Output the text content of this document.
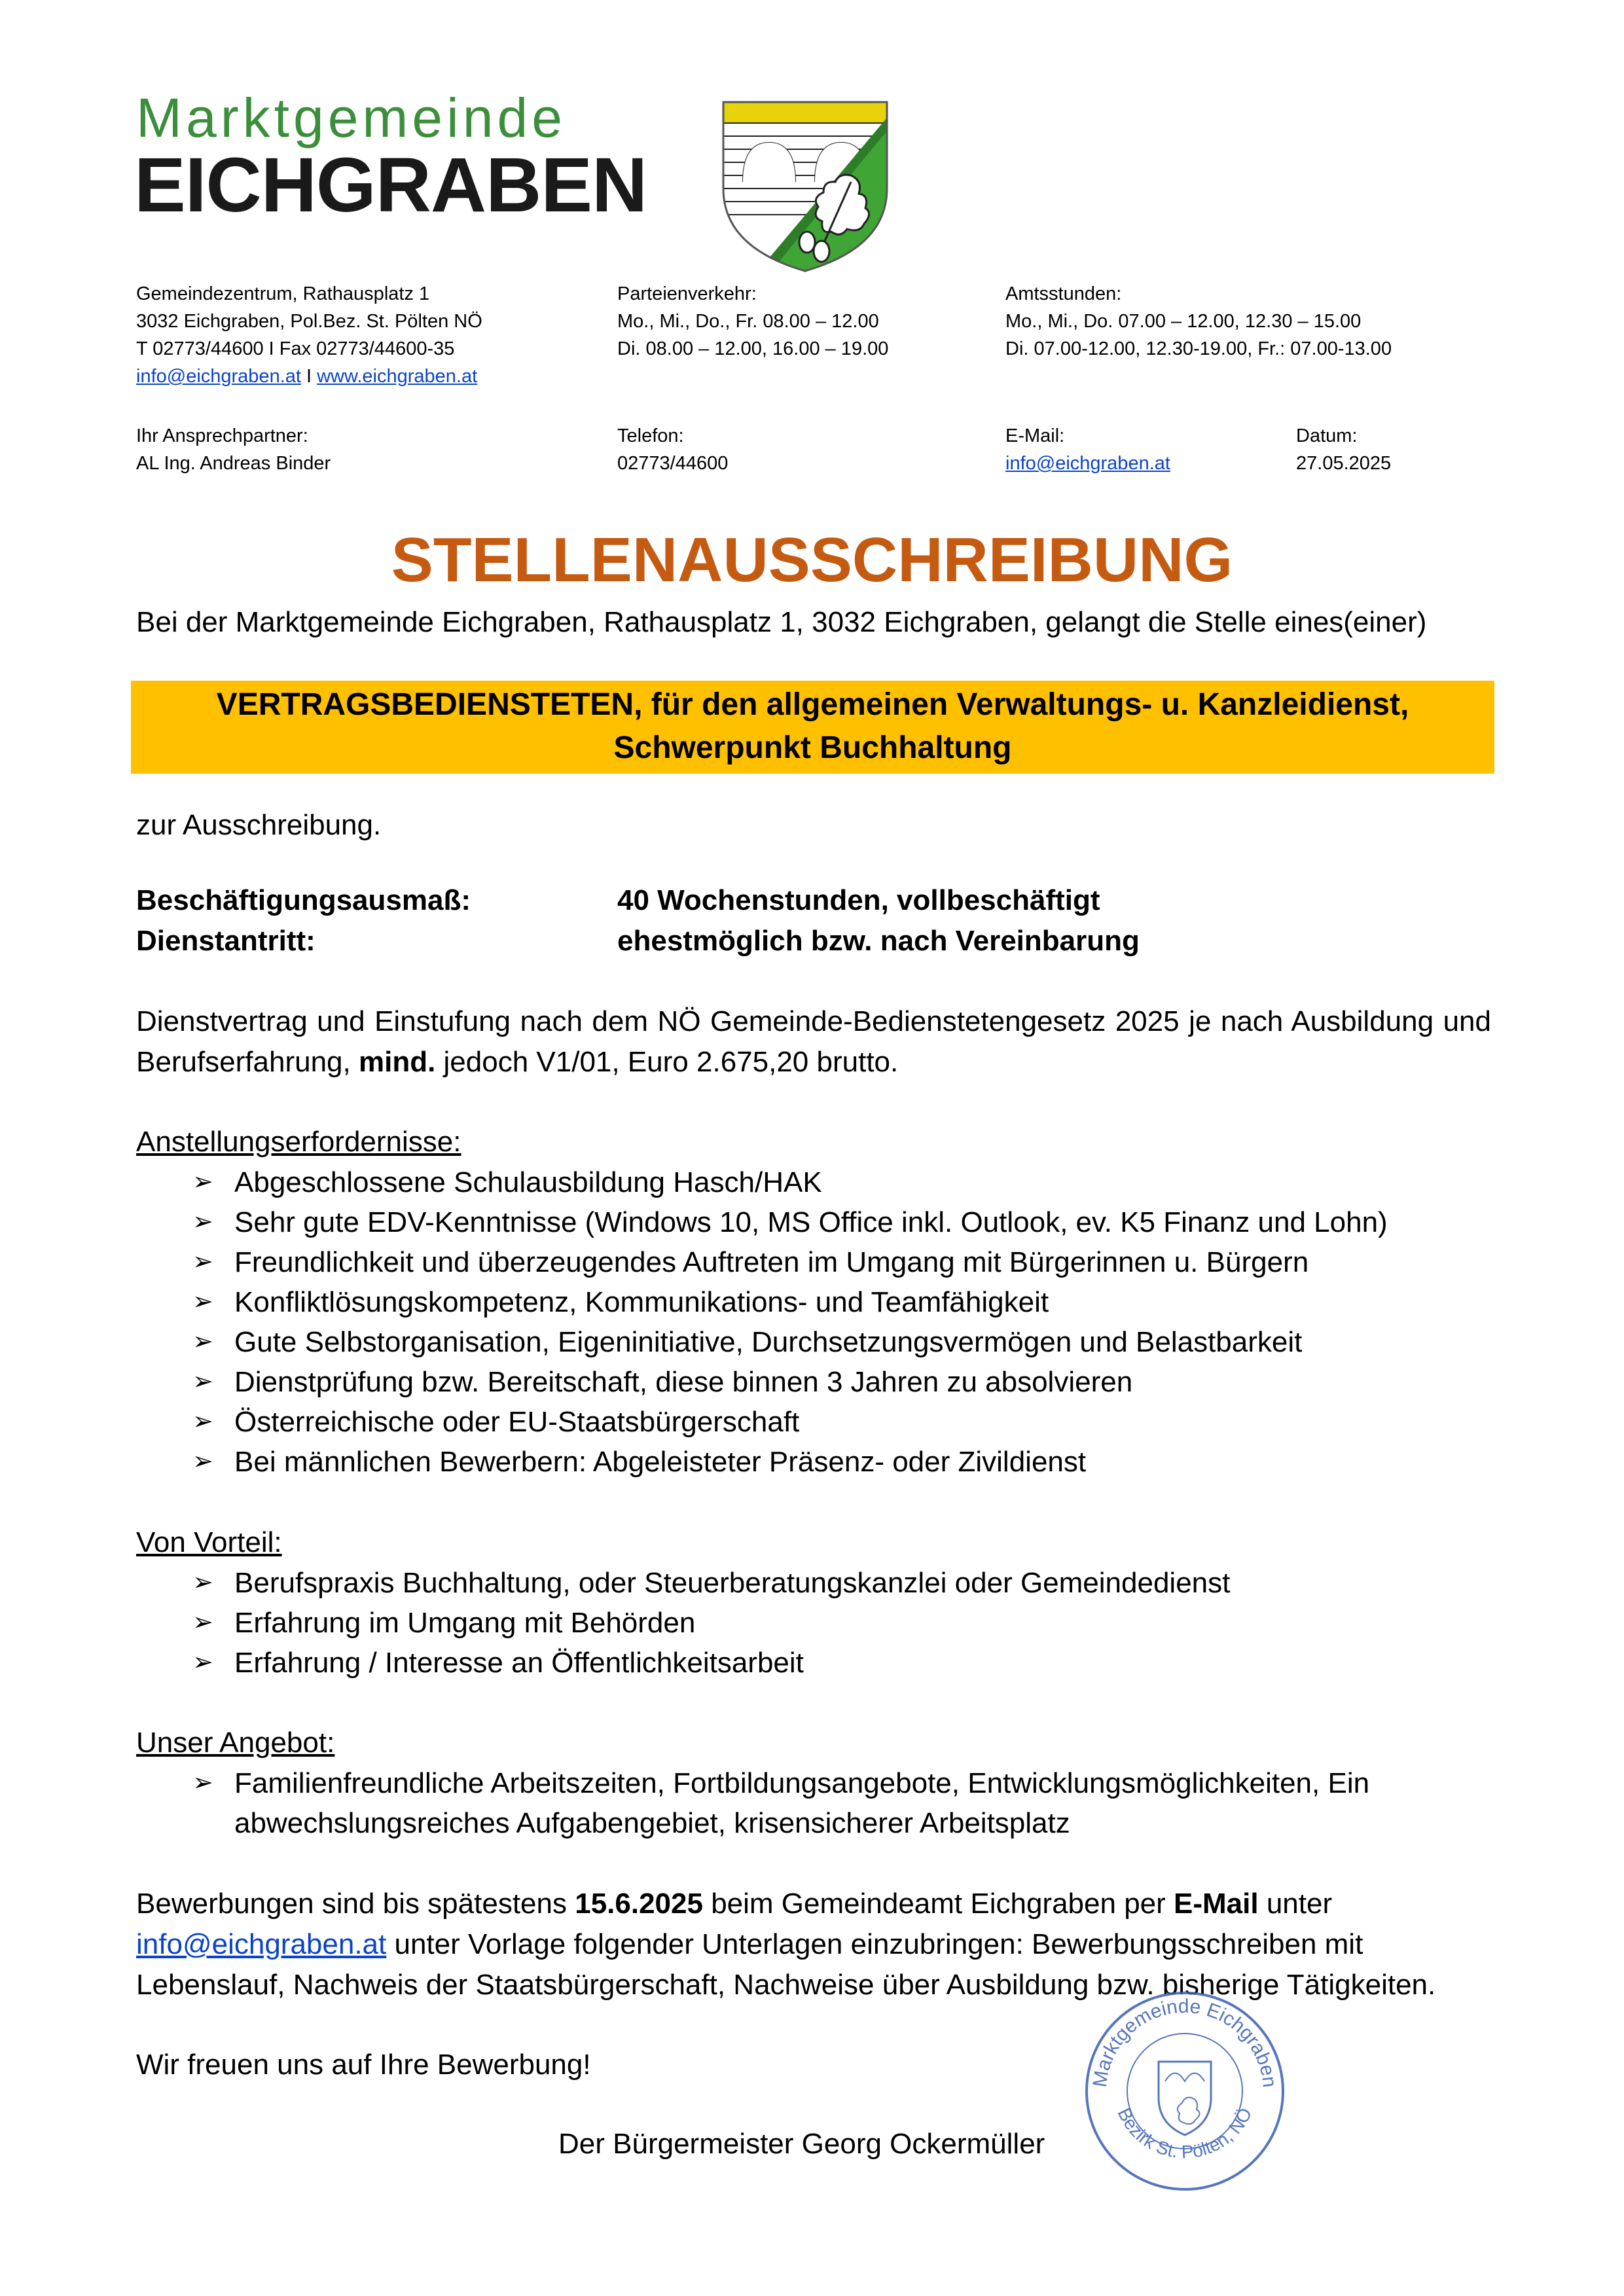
Marktgemeinde
EICHGRABEN
Gemeindezentrum, Rathausplatz 1
3032 Eichgraben, Pol.Bez. St. Pölten NÖ
T 02773/44600 I Fax 02773/44600-35
info@eichgraben.at I www.eichgraben.at
Parteienverkehr:
Mo., Mi., Do., Fr. 08.00 – 12.00
Di. 08.00 – 12.00, 16.00 – 19.00
Amtsstunden:
Mo., Mi., Do. 07.00 – 12.00, 12.30 – 15.00
Di. 07.00-12.00, 12.30-19.00, Fr.: 07.00-13.00
Ihr Ansprechpartner:
AL Ing. Andreas Binder
Telefon:
02773/44600
E-Mail:
info@eichgraben.at
Datum:
27.05.2025
STELLENAUSSCHREIBUNG
Bei der Marktgemeinde Eichgraben, Rathausplatz 1, 3032 Eichgraben, gelangt die Stelle eines(einer)
VERTRAGSBEDIENSTETEN, für den allgemeinen Verwaltungs- u. Kanzleidienst,
Schwerpunkt Buchhaltung
zur Ausschreibung.
Beschäftigungsausmaß:	40 Wochenstunden, vollbeschäftigt
Dienstantritt:	ehestmöglich bzw. nach Vereinbarung
Dienstvertrag und Einstufung nach dem NÖ Gemeinde-Bedienstetengesetz 2025 je nach Ausbildung und Berufserfahrung, mind. jedoch V1/01, Euro 2.675,20 brutto.
Anstellungserfordernisse:
➢ Abgeschlossene Schulausbildung Hasch/HAK
➢ Sehr gute EDV-Kenntnisse (Windows 10, MS Office inkl. Outlook, ev. K5 Finanz und Lohn)
➢ Freundlichkeit und überzeugendes Auftreten im Umgang mit Bürgerinnen u. Bürgern
➢ Konfliktlösungskompetenz, Kommunikations- und Teamfähigkeit
➢ Gute Selbstorganisation, Eigeninitiative, Durchsetzungsvermögen und Belastbarkeit
➢ Dienstprüfung bzw. Bereitschaft, diese binnen 3 Jahren zu absolvieren
➢ Österreichische oder EU-Staatsbürgerschaft
➢ Bei männlichen Bewerbern: Abgeleisteter Präsenz- oder Zivildienst
Von Vorteil:
➢ Berufspraxis Buchhaltung, oder Steuerberatungskanzlei oder Gemeindedienst
➢ Erfahrung im Umgang mit Behörden
➢ Erfahrung / Interesse an Öffentlichkeitsarbeit
Unser Angebot:
➢ Familienfreundliche Arbeitszeiten, Fortbildungsangebote, Entwicklungsmöglichkeiten, Ein abwechslungsreiches Aufgabengebiet, krisensicherer Arbeitsplatz
Bewerbungen sind bis spätestens 15.6.2025 beim Gemeindeamt Eichgraben per E-Mail unter
info@eichgraben.at unter Vorlage folgender Unterlagen einzubringen: Bewerbungsschreiben mit Lebenslauf, Nachweis der Staatsbürgerschaft, Nachweise über Ausbildung bzw. bisherige Tätigkeiten.
Wir freuen uns auf Ihre Bewerbung!
Der Bürgermeister Georg Ockermüller
Marktgemeinde Eichgraben
Bezirk St. Pölten, NÖ
